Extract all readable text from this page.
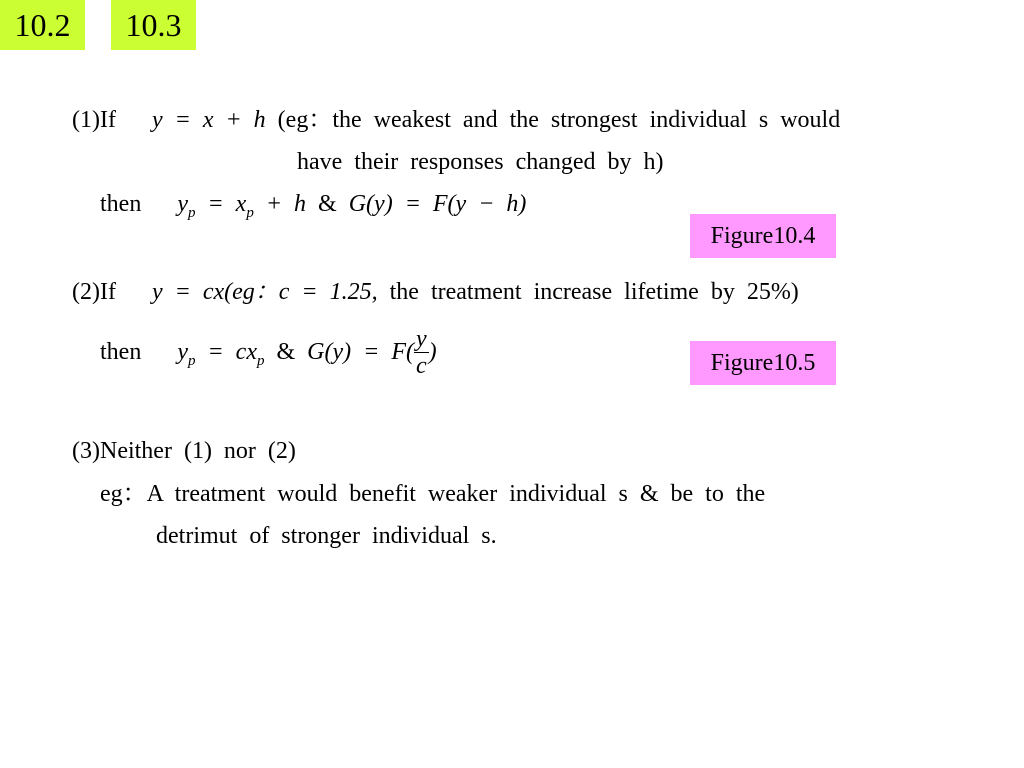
10.2	10.3
(1)If y = x + h (eg：the weakest and the strongest individual s would
have their responses changed by h)
then $y_p = x_p + h$ & G(y) = F(y − h)
Figure10.4
(2)If y = cx(eg：c = 1.25, the treatment increase lifetime by 25%)
then $y_p = cx_p$ & $G(y) = F( \frac{y}{c}$ )	Figure10.5
(3)Neither (1) nor (2)
eg：A treatment would benefit weaker individual s & be to the
detrimut of stronger individual s.
